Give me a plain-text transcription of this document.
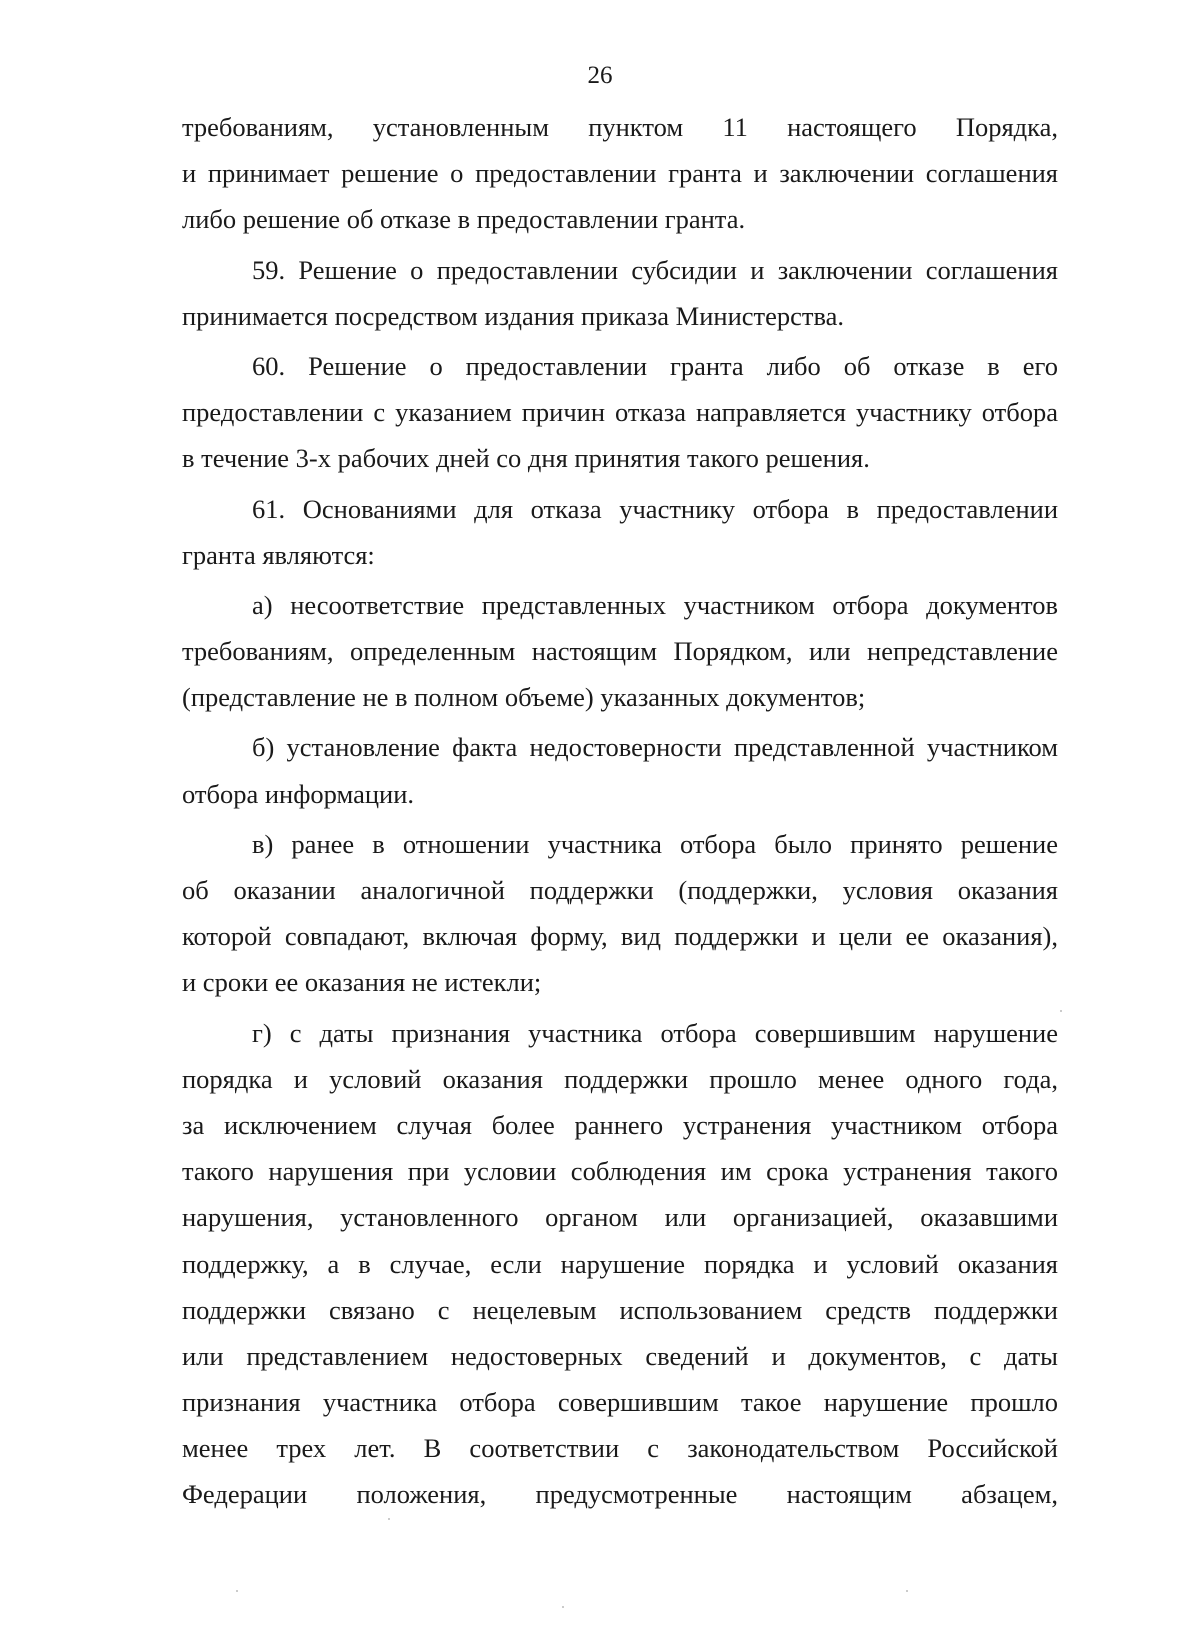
26
требованиям, установленным пунктом 11 настоящего Порядка,
и принимает решение о предоставлении гранта и заключении соглашения
либо решение об отказе в предоставлении гранта.
59. Решение о предоставлении субсидии и заключении соглашения
принимается посредством издания приказа Министерства.
60. Решение о предоставлении гранта либо об отказе в его
предоставлении с указанием причин отказа направляется участнику отбора
в течение 3-х рабочих дней со дня принятия такого решения.
61. Основаниями для отказа участнику отбора в предоставлении
гранта являются:
а) несоответствие представленных участником отбора документов
требованиям, определенным настоящим Порядком, или непредставление
(представление не в полном объеме) указанных документов;
б) установление факта недостоверности представленной участником
отбора информации.
в) ранее в отношении участника отбора было принято решение
об оказании аналогичной поддержки (поддержки, условия оказания
которой совпадают, включая форму, вид поддержки и цели ее оказания),
и сроки ее оказания не истекли;
г) с даты признания участника отбора совершившим нарушение
порядка и условий оказания поддержки прошло менее одного года,
за исключением случая более раннего устранения участником отбора
такого нарушения при условии соблюдения им срока устранения такого
нарушения, установленного органом или организацией, оказавшими
поддержку, а в случае, если нарушение порядка и условий оказания
поддержки связано с нецелевым использованием средств поддержки
или представлением недостоверных сведений и документов, с даты
признания участника отбора совершившим такое нарушение прошло
менее трех лет. В соответствии с законодательством Российской
Федерации положения, предусмотренные настоящим абзацем,
